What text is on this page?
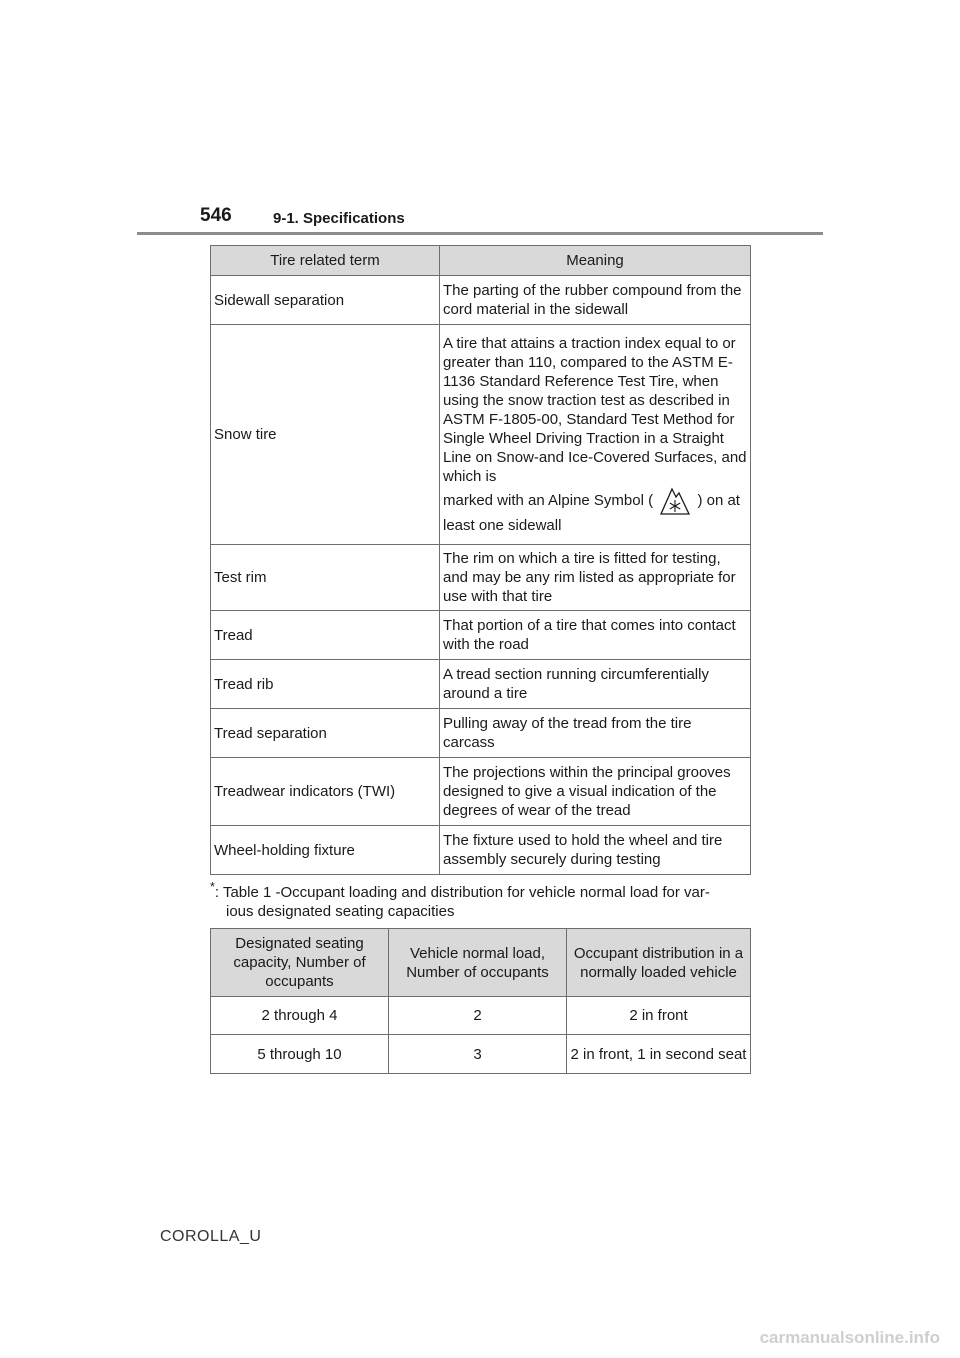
546	9-1. Specifications
Tire related term	Meaning
Sidewall separation	The parting of the rubber compound from the cord material in the sidewall
Snow tire	A tire that attains a traction index equal to or greater than 110, compared to the ASTM E-1136 Standard Reference Test Tire, when using the snow traction test as described in ASTM F-1805-00, Standard Test Method for Single Wheel Driving Traction in a Straight Line on Snow-and Ice-Covered Surfaces, and which is
marked with an Alpine Symbol ( ) on at least one sidewall
Test rim	The rim on which a tire is fitted for testing, and may be any rim listed as appropriate for use with that tire
Tread	That portion of a tire that comes into contact with the road
Tread rib	A tread section running circumferentially around a tire
Tread separation	Pulling away of the tread from the tire carcass
Treadwear indicators (TWI)	The projections within the principal grooves designed to give a visual indication of the degrees of wear of the tread
Wheel-holding fixture	The fixture used to hold the wheel and tire assembly securely during testing
*: Table 1 -Occupant loading and distribution for vehicle normal load for var-
ious designated seating capacities
Designated seating capacity, Number of occupants	Vehicle normal load, Number of occupants	Occupant distribution in a normally loaded vehicle
2 through 4	2	2 in front
5 through 10	3	2 in front, 1 in second seat
COROLLA_U
carmanualsonline.info
